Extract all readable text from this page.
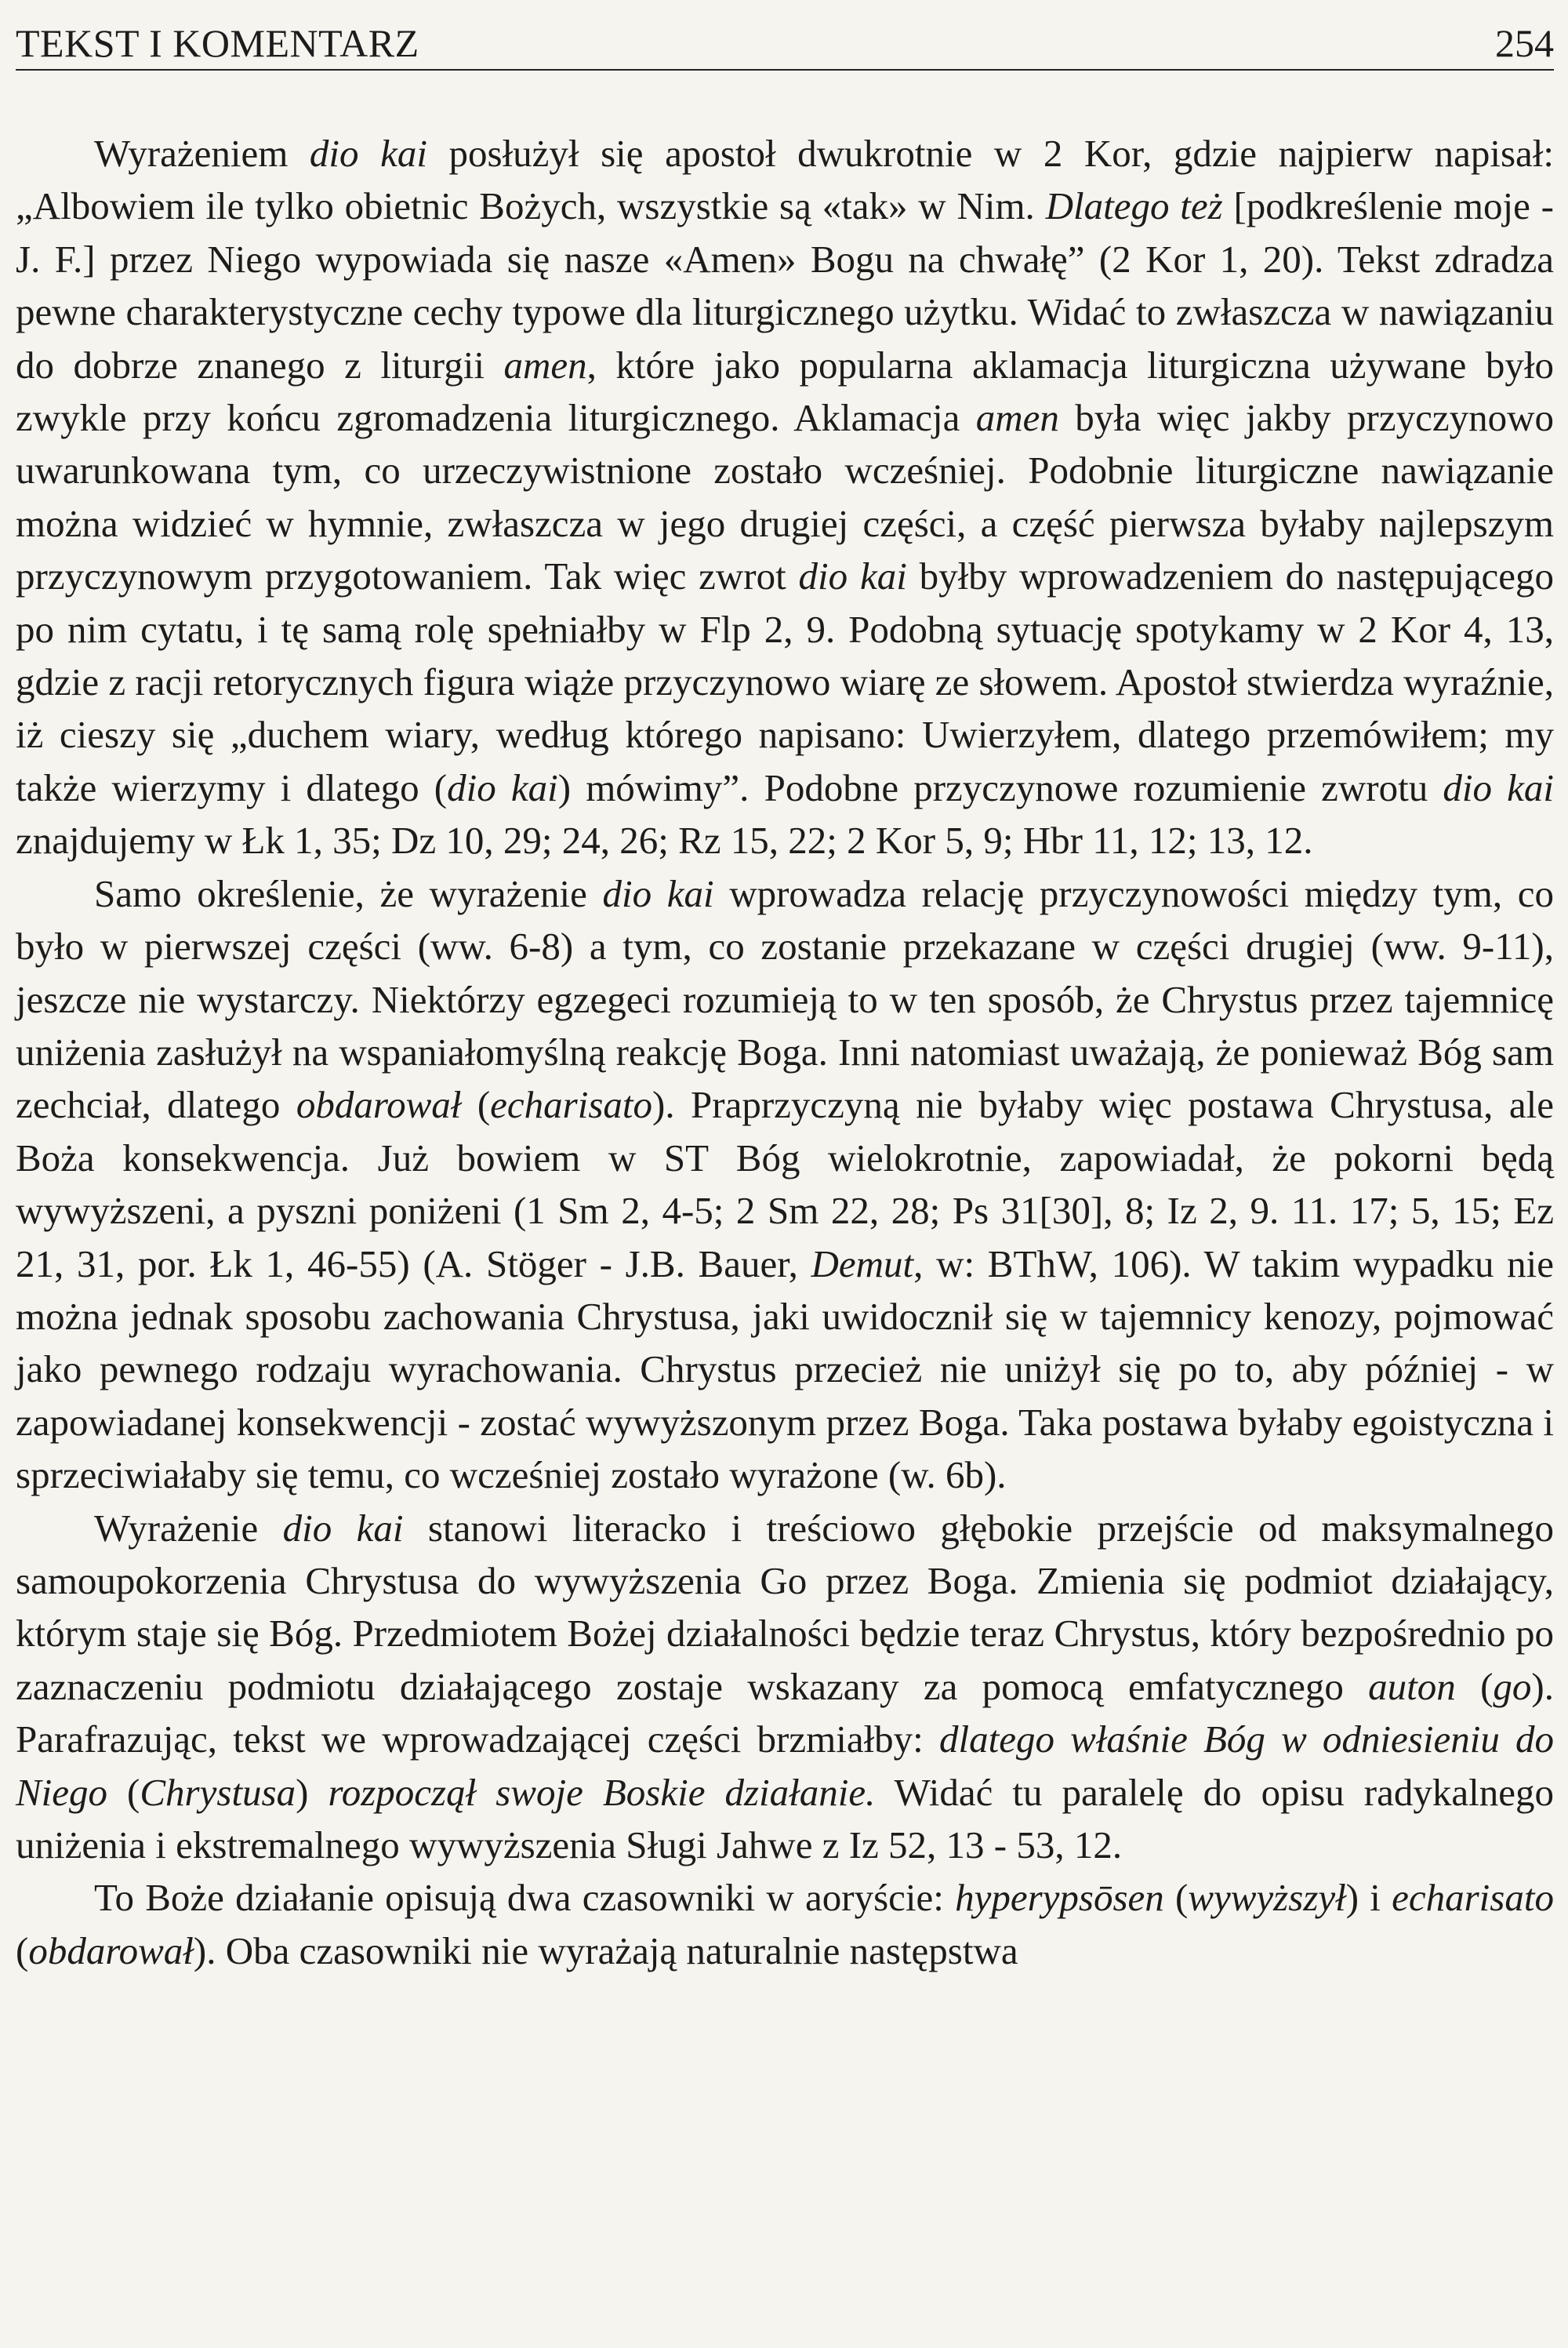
TEKST I KOMENTARZ	254

Wyrażeniem dio kai posłużył się apostoł dwukrotnie w 2 Kor, gdzie najpierw napisał: „Albowiem ile tylko obietnic Bożych, wszystkie są «tak» w Nim. Dlatego też [podkreślenie moje - J. F.] przez Niego wypowiada się nasze «Amen» Bogu na chwałę” (2 Kor 1, 20). Tekst zdradza pewne charakterystyczne cechy typowe dla liturgicznego użytku. Widać to zwłaszcza w nawiązaniu do dobrze znanego z liturgii amen, które jako popularna aklamacja liturgiczna używane było zwykle przy końcu zgromadzenia liturgicznego. Aklamacja amen była więc jakby przyczynowo uwarunkowana tym, co urzeczywistnione zostało wcześniej. Podobnie liturgiczne nawiązanie można widzieć w hymnie, zwłaszcza w jego drugiej części, a część pierwsza byłaby najlepszym przyczynowym przygotowaniem. Tak więc zwrot dio kai byłby wprowadzeniem do następującego po nim cytatu, i tę samą rolę spełniałby w Flp 2, 9. Podobną sytuację spotykamy w 2 Kor 4, 13, gdzie z racji retorycznych figura wiąże przyczynowo wiarę ze słowem. Apostoł stwierdza wyraźnie, iż cieszy się „duchem wiary, według którego napisano: Uwierzyłem, dlatego przemówiłem; my także wierzymy i dlatego (dio kai) mówimy”. Podobne przyczynowe rozumienie zwrotu dio kai znajdujemy w Łk 1, 35; Dz 10, 29; 24, 26; Rz 15, 22; 2 Kor 5, 9; Hbr 11, 12; 13, 12.

Samo określenie, że wyrażenie dio kai wprowadza relację przyczynowości między tym, co było w pierwszej części (ww. 6-8) a tym, co zostanie przekazane w części drugiej (ww. 9-11), jeszcze nie wystarczy. Niektórzy egzegeci rozumieją to w ten sposób, że Chrystus przez tajemnicę uniżenia zasłużył na wspaniałomyślną reakcję Boga. Inni natomiast uważają, że ponieważ Bóg sam zechciał, dlatego obdarował (echarisato). Praprzyczyną nie byłaby więc postawa Chrystusa, ale Boża konsekwencja. Już bowiem w ST Bóg wielokrotnie, zapowiadał, że pokorni będą wywyższeni, a pyszni poniżeni (1 Sm 2, 4-5; 2 Sm 22, 28; Ps 31[30], 8; Iz 2, 9. 11. 17; 5, 15; Ez 21, 31, por. Łk 1, 46-55) (A. Stöger - J.B. Bauer, Demut, w: BThW, 106). W takim wypadku nie można jednak sposobu zachowania Chrystusa, jaki uwidocznił się w tajemnicy kenozy, pojmować jako pewnego rodzaju wyrachowania. Chrystus przecież nie uniżył się po to, aby później - w zapowiadanej konsekwencji - zostać wywyższonym przez Boga. Taka postawa byłaby egoistyczna i sprzeciwiałaby się temu, co wcześniej zostało wyrażone (w. 6b).

Wyrażenie dio kai stanowi literacko i treściowo głębokie przejście od maksymalnego samoupokorzenia Chrystusa do wywyższenia Go przez Boga. Zmienia się podmiot działający, którym staje się Bóg. Przedmiotem Bożej działalności będzie teraz Chrystus, który bezpośrednio po zaznaczeniu podmiotu działającego zostaje wskazany za pomocą emfatycznego auton (go). Parafrazując, tekst we wprowadzającej części brzmiałby: dlatego właśnie Bóg w odniesieniu do Niego (Chrystusa) rozpoczął swoje Boskie działanie. Widać tu paralelę do opisu radykalnego uniżenia i ekstremalnego wywyższenia Sługi Jahwe z Iz 52, 13 - 53, 12.

To Boże działanie opisują dwa czasowniki w aoryście: hyperypsōsen (wywyższył) i echarisato (obdarował). Oba czasowniki nie wyrażają naturalnie następstwa
